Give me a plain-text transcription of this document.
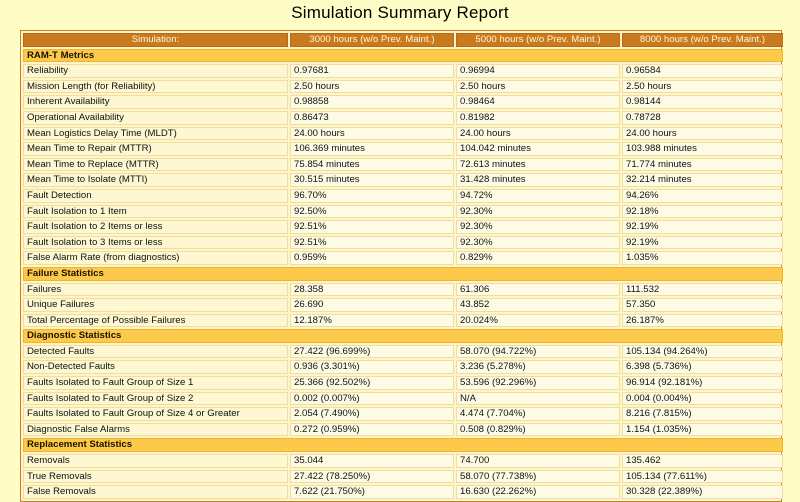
Simulation Summary Report
Simulation:	3000 hours (w/o Prev. Maint.)	5000 hours (w/o Prev. Maint.)	8000 hours (w/o Prev. Maint.)
RAM-T Metrics			
Reliability	0.97681	0.96994	0.96584
Mission Length (for Reliability)	2.50 hours	2.50 hours	2.50 hours
Inherent Availability	0.98858	0.98464	0.98144
Operational Availability	0.86473	0.81982	0.78728
Mean Logistics Delay Time (MLDT)	24.00 hours	24.00 hours	24.00 hours
Mean Time to Repair (MTTR)	106.369 minutes	104.042 minutes	103.988 minutes
Mean Time to Replace (MTTR)	75.854 minutes	72.613 minutes	71.774 minutes
Mean Time to Isolate (MTTI)	30.515 minutes	31.428 minutes	32.214 minutes
Fault Detection	96.70%	94.72%	94.26%
Fault Isolation to 1 Item	92.50%	92.30%	92.18%
Fault Isolation to 2 Items or less	92.51%	92.30%	92.19%
Fault Isolation to 3 Items or less	92.51%	92.30%	92.19%
False Alarm Rate (from diagnostics)	0.959%	0.829%	1.035%
Failure Statistics			
Failures	28.358	61.306	111.532
Unique Failures	26.690	43.852	57.350
Total Percentage of Possible Failures	12.187%	20.024%	26.187%
Diagnostic Statistics			
Detected Faults	27.422 (96.699%)	58.070 (94.722%)	105.134 (94.264%)
Non-Detected Faults	0.936 (3.301%)	3.236 (5.278%)	6.398 (5.736%)
Faults Isolated to Fault Group of Size 1	25.366 (92.502%)	53.596 (92.296%)	96.914 (92.181%)
Faults Isolated to Fault Group of Size 2	0.002 (0.007%)	N/A	0.004 (0.004%)
Faults Isolated to Fault Group of Size 4 or Greater	2.054 (7.490%)	4.474 (7.704%)	8.216 (7.815%)
Diagnostic False Alarms	0.272 (0.959%)	0.508 (0.829%)	1.154 (1.035%)
Replacement Statistics			
Removals	35.044	74.700	135.462
True Removals	27.422 (78.250%)	58.070 (77.738%)	105.134 (77.611%)
False Removals	7.622 (21.750%)	16.630 (22.262%)	30.328 (22.389%)
